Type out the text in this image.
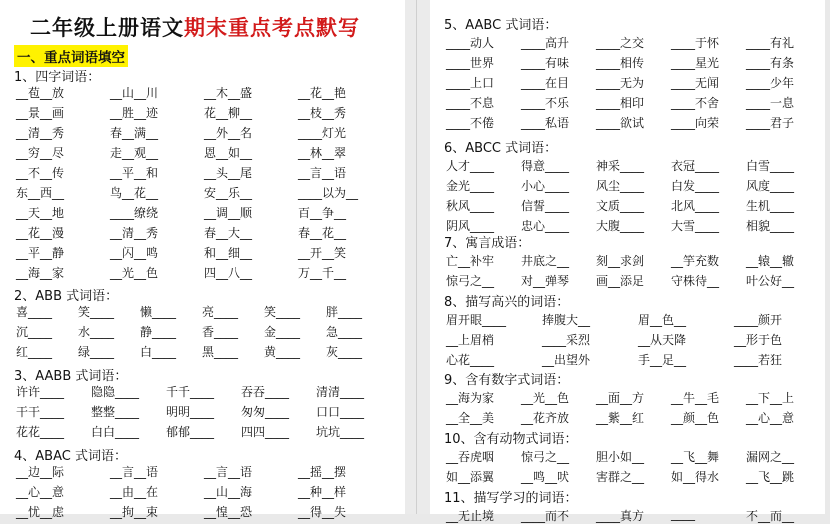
二年级上册语文期末重点考点默写
一、重点词语填空
1、四字词语：
__苞__放	__山__川	__木__盛	__花__艳
__景__画	__胜__迹	花__柳__	__枝__秀
__清__秀	春__满__	__外__名	____灯光
__穷__尽	走__观__	恩__如__	__林__翠
__不__传	__平__和	__头__尾	__言__语
东__西__	鸟__花__	安__乐__	____以为__
__天__地	____缭绕	__调__顺	百__争__
__花__漫	__清__秀	春__大__	春__花__
__平__静	__闪__鸣	和__细__	__开__笑
__海__家	__光__色	四__八__	万__千__
2、ABB 式词语：
喜____	笑____	懒____	亮____	笑____	胖____
沉____	水____	静____	香____	金____	急____
红____	绿____	白____	黑____	黄____	灰____
3、AABB 式词语：
许许____	隐隐____	千千____	吞吞____	清清____
干干____	整整____	明明____	匆匆____	口口____
花花____	白白____	郁郁____	四四____	坑坑____
4、ABAC 式词语：
__边__际	__言__语	__言__语	__摇__摆
__心__意	__由__在	__山__海	__种__样
__忧__虑	__拘__束	__惶__恐	__得__失
5、AABC 式词语：
____动人	____高升	____之交	____于怀	____有礼
____世界	____有味	____相传	____星光	____有条
____上口	____在目	____无为	____无闻	____少年
____不息	____不乐	____相印	____不舍	____一息
____不倦	____私语	____欲试	____向荣	____君子
6、ABCC 式词语：
人才____	得意____	神采____	衣冠____	白雪____
金光____	小心____	风尘____	白发____	风度____
秋风____	信誓____	文质____	北风____	生机____
阴风____	忠心____	大腹____	大雪____	相貌____
7、寓言成语：
亡__补牢	井底之__	刻__求剑	__竽充数	__辕__辙
惊弓之__	对__弹琴	画__添足	守株待__	叶公好__
8、描写高兴的词语：
眉开眼____	捧腹大__	眉__色__	____颜开
__上眉梢	____采烈	__从天降	__形于色
心花____	__出望外	手__足__	____若狂
9、含有数字式词语：
__海为家	__光__色	__面__方	__牛__毛	__下__上
__全__美	__花齐放	__紫__红	__颜__色	__心__意
10、含有动物式词语：
__吞虎咽	惊弓之__	胆小如__	__飞__舞	漏网之__
如__添翼	__鸣__吠	害群之__	如__得水	__飞__跳
11、描写学习的词语：
__无止境	____而不	____真方	____	不__而__
